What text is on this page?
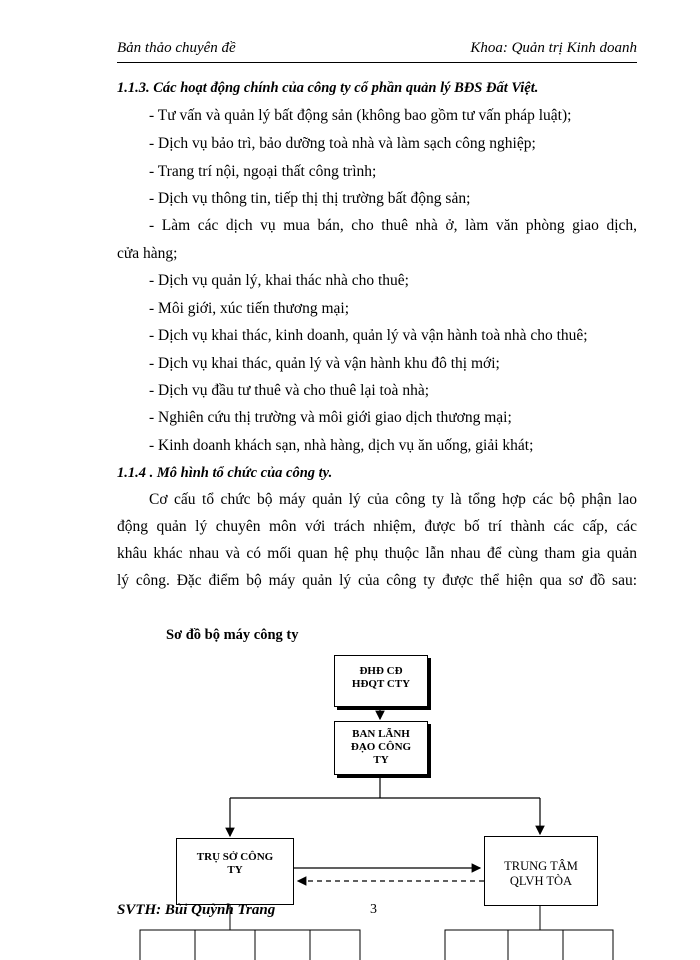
Bản thảo chuyên đề	Khoa: Quản trị Kinh doanh
1.1.3. Các hoạt động chính của công ty cổ phần quản lý BĐS Đất Việt.
- Tư vấn và quản lý bất động sản (không bao gồm tư vấn pháp luật);
- Dịch vụ bảo trì, bảo dưỡng toà nhà và làm sạch công nghiệp;
- Trang trí nội, ngoại thất công trình;
- Dịch vụ thông tin, tiếp thị thị trường bất động sản;
- Làm các dịch vụ mua bán, cho thuê nhà ở, làm văn phòng giao dịch,
cửa hàng;
- Dịch vụ quản lý, khai thác nhà cho thuê;
- Môi giới, xúc tiến thương mại;
- Dịch vụ khai thác, kinh doanh, quản lý và vận hành toà nhà cho thuê;
- Dịch vụ khai thác, quản lý và vận hành khu đô thị mới;
- Dịch vụ đầu tư thuê và cho thuê lại toà nhà;
- Nghiên cứu thị trường và môi giới giao dịch thương mại;
- Kinh doanh khách sạn, nhà hàng, dịch vụ ăn uống, giải khát;
1.1.4 . Mô hình tổ chức của công ty.
Cơ cấu tổ chức bộ máy quản lý của công ty là tổng hợp các bộ phận lao
động quản lý chuyên môn với trách nhiệm, được bố trí thành các cấp, các
khâu khác nhau và có mối quan hệ phụ thuộc lẫn nhau để cùng tham gia quản
lý công. Đặc điểm bộ máy quản lý của công ty được thể hiện qua sơ đồ sau:
Sơ đồ bộ máy công ty
ĐHĐ CĐ
HĐQT CTY
BAN LÃNH
ĐẠO CÔNG
TY
TRỤ SỞ CÔNG
TY	TRUNG TÂM
QLVH TÒA
SVTH: Bùi Quỳnh Trang	3
